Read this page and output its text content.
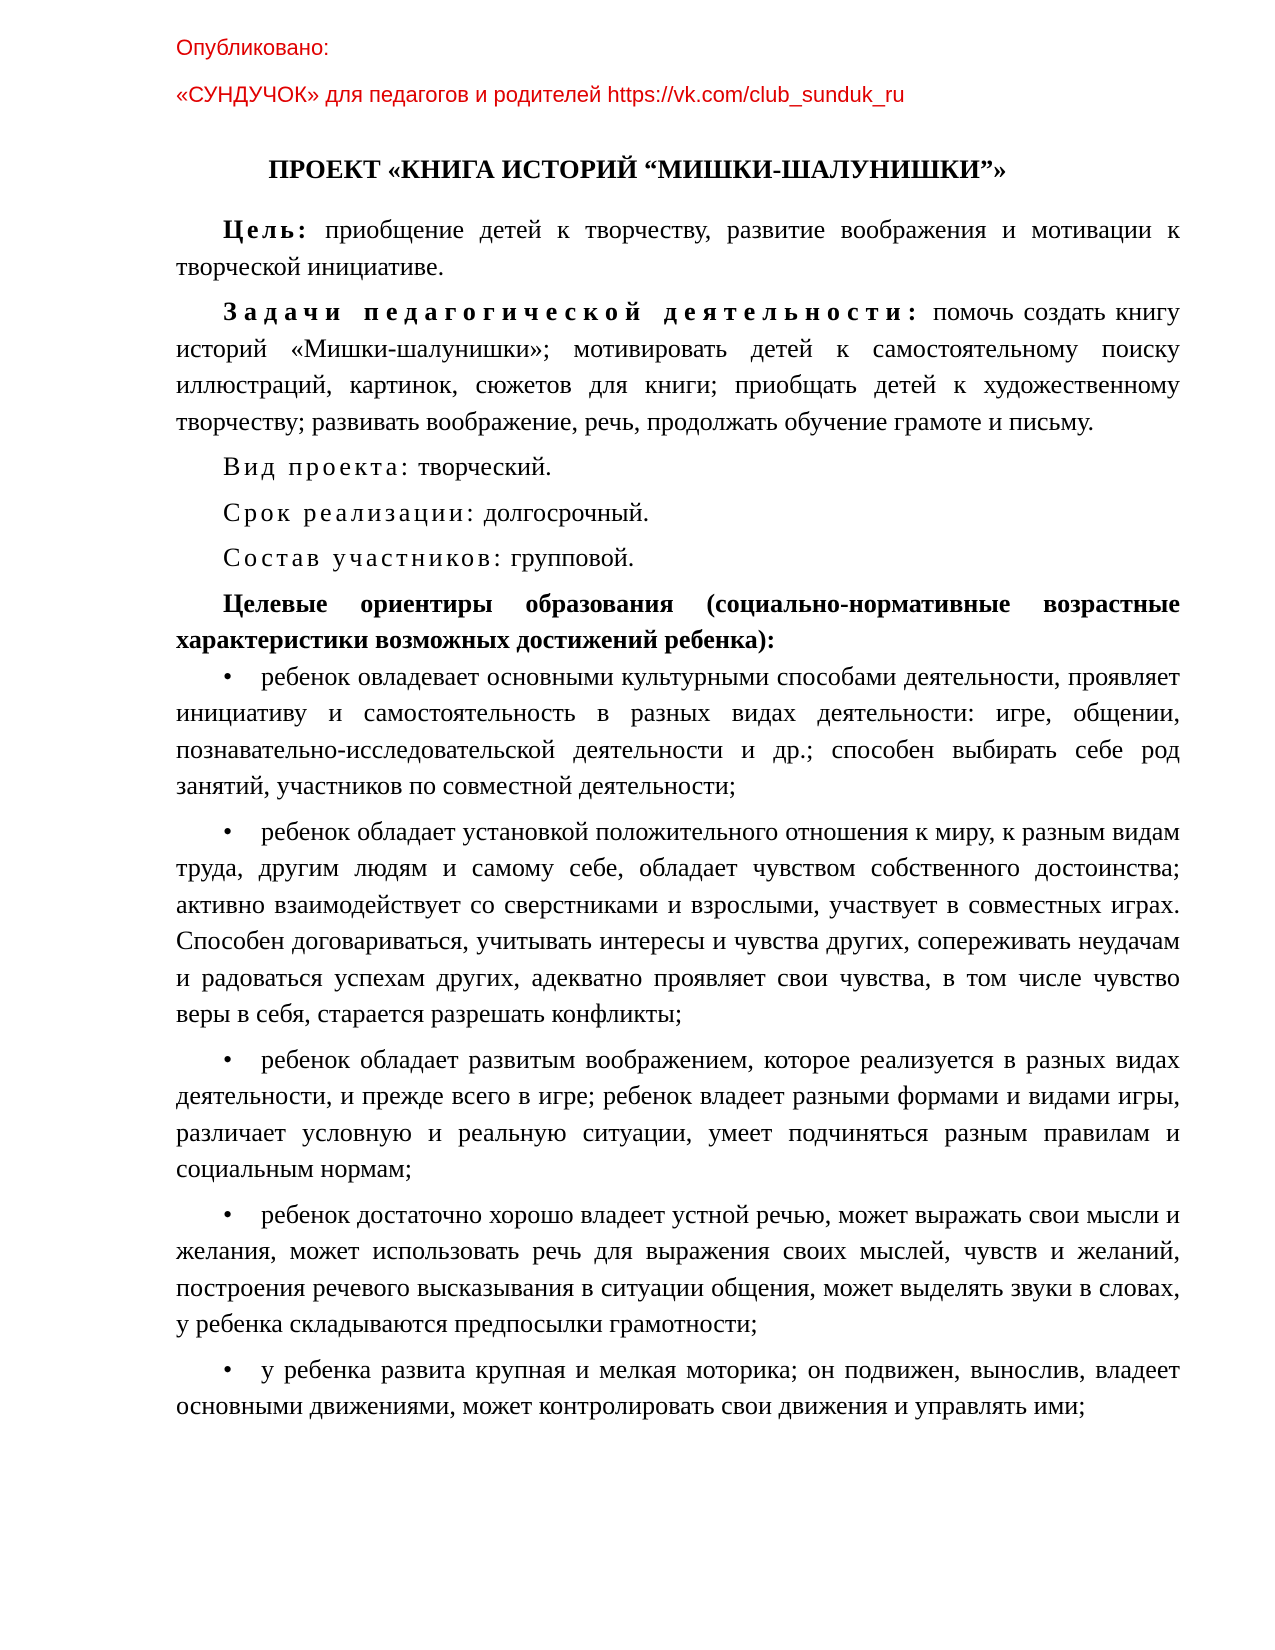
Опубликовано:
«СУНДУЧОК» для педагогов и родителей https://vk.com/club_sunduk_ru
ПРОЕКТ «КНИГА ИСТОРИЙ “МИШКИ-ШАЛУНИШКИ”»

Цель: приобщение детей к творчеству, развитие воображения и мотивации к творческой инициативе.

Задачи педагогической деятельности: помочь создать книгу историй «Мишки-шалунишки»; мотивировать детей к самостоятельному поиску иллюстраций, картинок, сюжетов для книги; приобщать детей к художественному творчеству; развивать воображение, речь, продолжать обучение грамоте и письму.

Вид проекта: творческий.

Срок реализации: долгосрочный.

Состав участников: групповой.

Целевые ориентиры образования (социально-нормативные возрастные характеристики возможных достижений ребенка):

• ребенок овладевает основными культурными способами деятельности, проявляет инициативу и самостоятельность в разных видах деятельности: игре, общении, познавательно-исследовательской деятельности и др.; способен выбирать себе род занятий, участников по совместной деятельности;

• ребенок обладает установкой положительного отношения к миру, к разным видам труда, другим людям и самому себе, обладает чувством собственного достоинства; активно взаимодействует со сверстниками и взрослыми, участвует в совместных играх. Способен договариваться, учитывать интересы и чувства других, сопереживать неудачам и радоваться успехам других, адекватно проявляет свои чувства, в том числе чувство веры в себя, старается разрешать конфликты;

• ребенок обладает развитым воображением, которое реализуется в разных видах деятельности, и прежде всего в игре; ребенок владеет разными формами и видами игры, различает условную и реальную ситуации, умеет подчиняться разным правилам и социальным нормам;

• ребенок достаточно хорошо владеет устной речью, может выражать свои мысли и желания, может использовать речь для выражения своих мыслей, чувств и желаний, построения речевого высказывания в ситуации общения, может выделять звуки в словах, у ребенка складываются предпосылки грамотности;

• у ребенка развита крупная и мелкая моторика; он подвижен, вынослив, владеет основными движениями, может контролировать свои движения и управлять ими;
